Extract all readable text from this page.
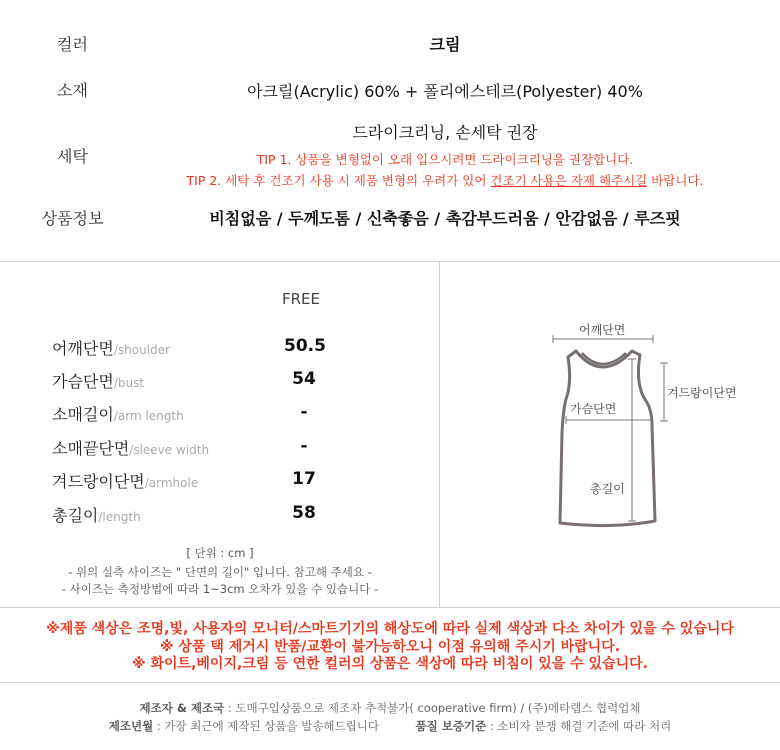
컬러	크림
소재	아크릴(Acrylic) 60% + 폴리에스테르(Polyester) 40%
세탁
드라이크리닝, 손세탁 권장
TIP 1. 상품을 변형없이 오래 입으시려면 드라이크리닝을 권장합니다.
TIP 2. 세탁 후 건조기 사용 시 제품 변형의 우려가 있어 건조기 사용은 자제 해주시길 바랍니다.
상품정보	비침없음 / 두께도톰 / 신축좋음 / 촉감부드러움 / 안감없음 / 루즈핏
FREE
어깨단면/shoulder	50.5
가슴단면/bust	54
소매길이/arm length	-
소매끝단면/sleeve width	-
겨드랑이단면/armhole	17
총길이/length	58
[ 단위 : cm ]
- 위의 실측 사이즈는 " 단면의 길이" 입니다. 참고해 주세요 -
- 사이즈는 측정방법에 따라 1~3cm 오차가 있을 수 있습니다 -
어깨단면
겨드랑이단면
가슴단면
총길이
※제품 색상은 조명,빛, 사용자의 모니터/스마트기기의 해상도에 따라 실제 색상과 다소 차이가 있을 수 있습니다
※ 상품 택 제거시 반품/교환이 불가능하오니 이점 유의해 주시기 바랍니다.
※ 화이트,베이지,크림 등 연한 컬러의 상품은 색상에 따라 비침이 있을 수 있습니다.
제조자 & 제조국 : 도매구입상품으로 제조자 추적불가( cooperative firm) / (주)메타랩스 협력업체
제조년월 : 가장 최근에 제작된 상품을 발송해드립니다	품질 보증기준 : 소비자 분쟁 해결 기준에 따라 처리
